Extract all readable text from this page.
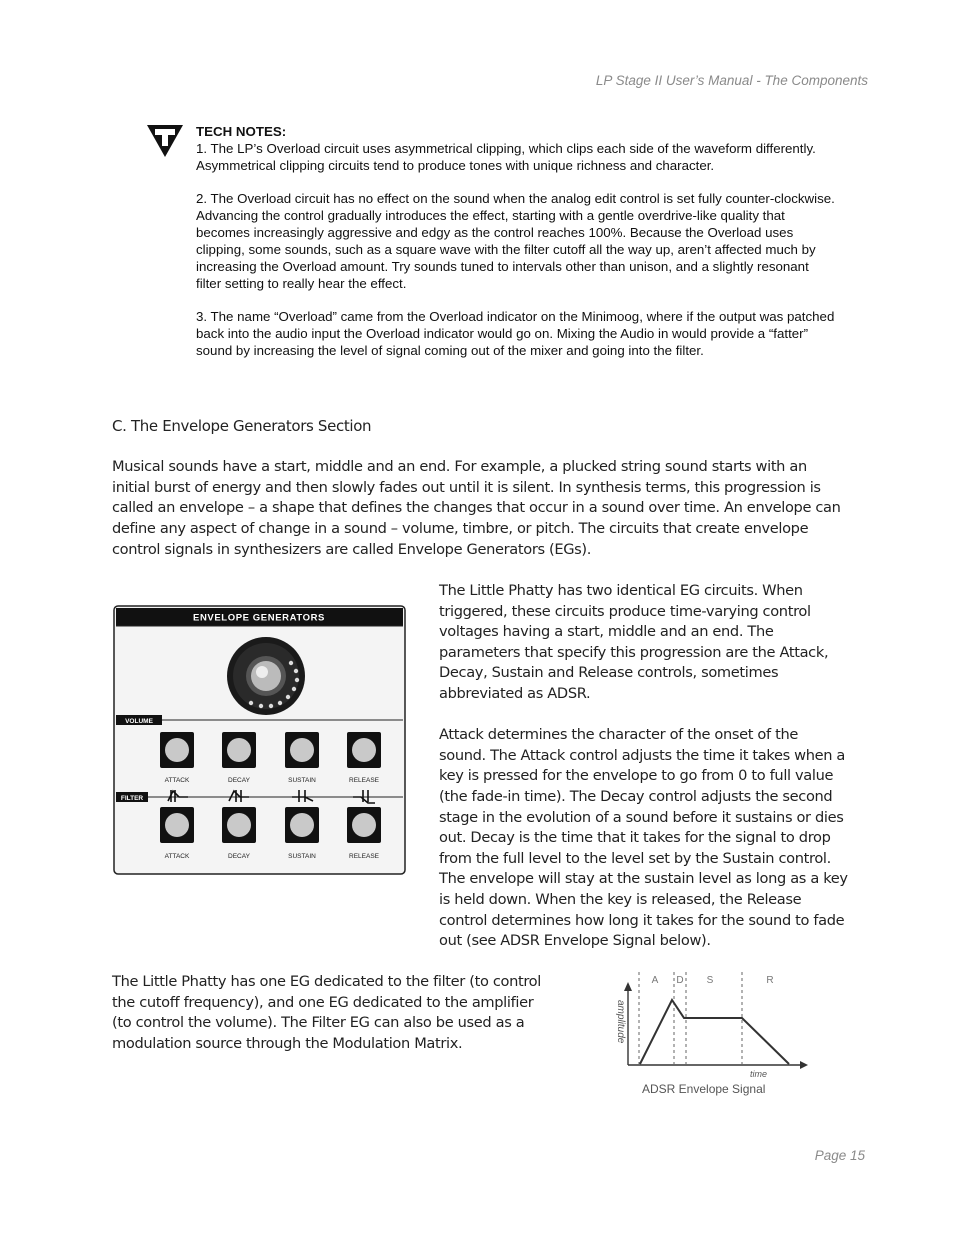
LP Stage II User’s Manual - The Components
TECH NOTES:

1. The LP’s Overload circuit uses asymmetrical clipping, which clips each side of the waveform differently. Asymmetrical clipping circuits tend to produce tones with unique richness and character.

2. The Overload circuit has no effect on the sound when the analog edit control is set fully counter-clockwise. Advancing the control gradually introduces the effect, starting with a gentle overdrive-like quality that becomes increasingly aggressive and edgy as the control reaches 100%. Because the Overload uses clipping, some sounds, such as a square wave with the filter cutoff all the way up, aren’t affected much by increasing the Overload amount. Try sounds tuned to intervals other than unison, and a slightly resonant filter setting to really hear the effect.

3. The name “Overload” came from the Overload indicator on the Minimoog, where if the output was patched back into the audio input the Overload indicator would go on. Mixing the Audio in would provide a “fatter” sound by increasing the level of signal coming out of the mixer and going into the filter.

C. The Envelope Generators Section

Musical sounds have a start, middle and an end. For example, a plucked string sound starts with an initial burst of energy and then slowly fades out until it is silent. In synthesis terms, this progression is called an envelope – a shape that defines the changes that occur in a sound over time. An envelope can define any aspect of change in a sound – volume, timbre, or pitch. The circuits that create envelope control signals in synthesizers are called Envelope Generators (EGs).

ENVELOPE GENERATORS
VOLUME
ATTACK	DECAY	SUSTAIN	RELEASE
FILTER
ATTACK	DECAY	SUSTAIN	RELEASE

The Little Phatty has two identical EG circuits. When triggered, these circuits produce time-varying control voltages having a start, middle and an end. The parameters that specify this progression are the Attack, Decay, Sustain and Release controls, sometimes abbreviated as ADSR.

Attack determines the character of the onset of the sound. The Attack control adjusts the time it takes when a key is pressed for the envelope to go from 0 to full value (the fade-in time). The Decay control adjusts the second stage in the evolution of a sound before it sustains or dies out. Decay is the time that it takes for the signal to drop from the full level to the level set by the Sustain control. The envelope will stay at the sustain level as long as a key is held down. When the key is released, the Release control determines how long it takes for the sound to fade out (see ADSR Envelope Signal below).

The Little Phatty has one EG dedicated to the filter (to control the cutoff frequency), and one EG dedicated to the amplifier (to control the volume). The Filter EG can also be used as a modulation source through the Modulation Matrix.

A D S	R
amplitude
time
ADSR Envelope Signal
Page 15
